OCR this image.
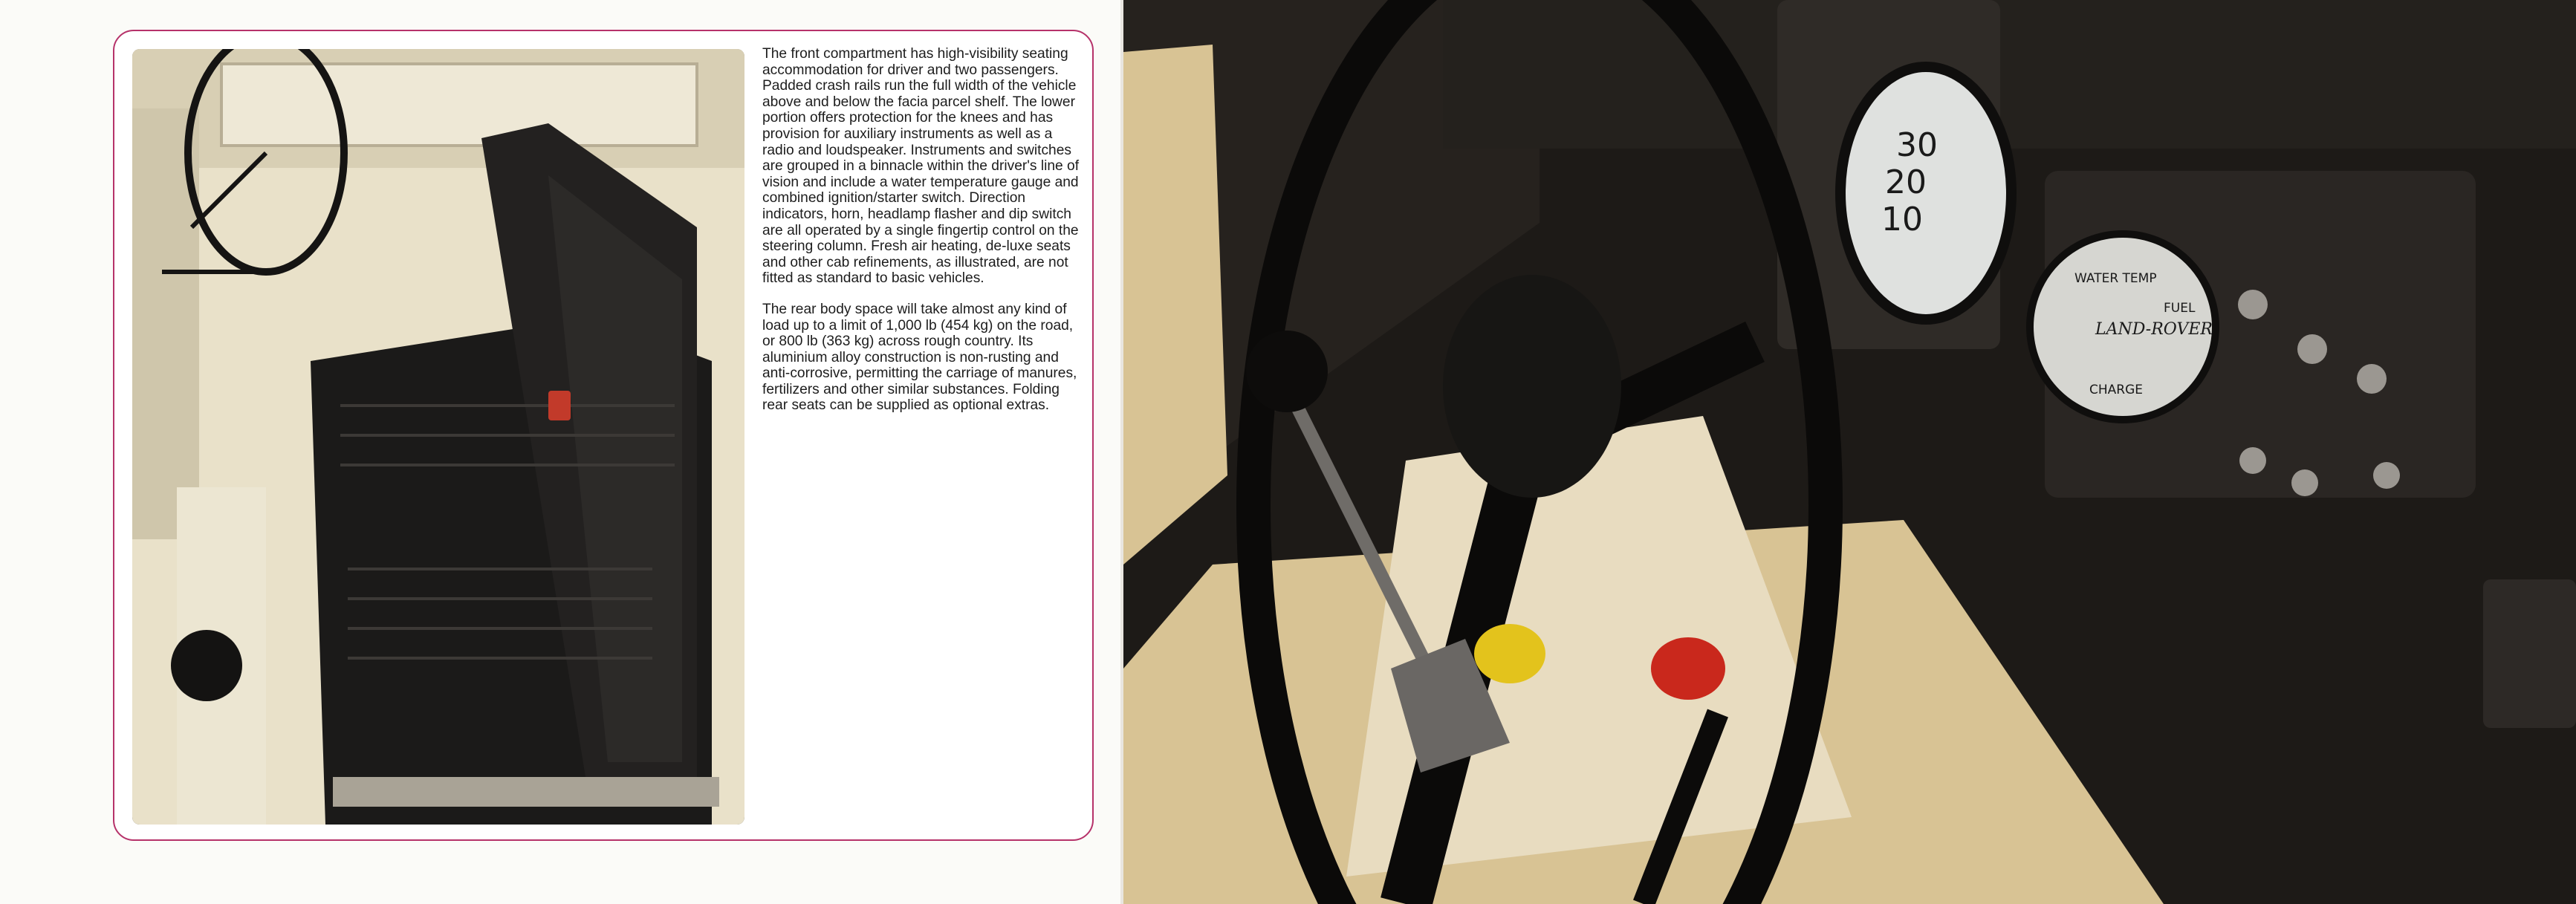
The front compartment has high-visibility seating accommodation for driver and two passengers. Padded crash rails run the full width of the vehicle above and below the facia parcel shelf. The lower portion offers protection for the knees and has provision for auxiliary instruments as well as a radio and loudspeaker. Instruments and switches are grouped in a binnacle within the driver's line of vision and include a water temperature gauge and combined ignition/starter switch. Direction indicators, horn, headlamp flasher and dip switch are all operated by a single fingertip control on the steering column. Fresh air heating, de-luxe seats and other cab refinements, as illustrated, are not fitted as standard to basic vehicles.

The rear body space will take almost any kind of load up to a limit of 1,000 lb (454 kg) on the road, or 800 lb (363 kg) across rough country. Its aluminium alloy construction is non-rusting and anti-corrosive, permitting the carriage of manures, fertilizers and other similar substances. Folding rear seats can be supplied as optional extras.

30
20
10
WATER TEMP
FUEL
CHARGE
LAND-ROVER
